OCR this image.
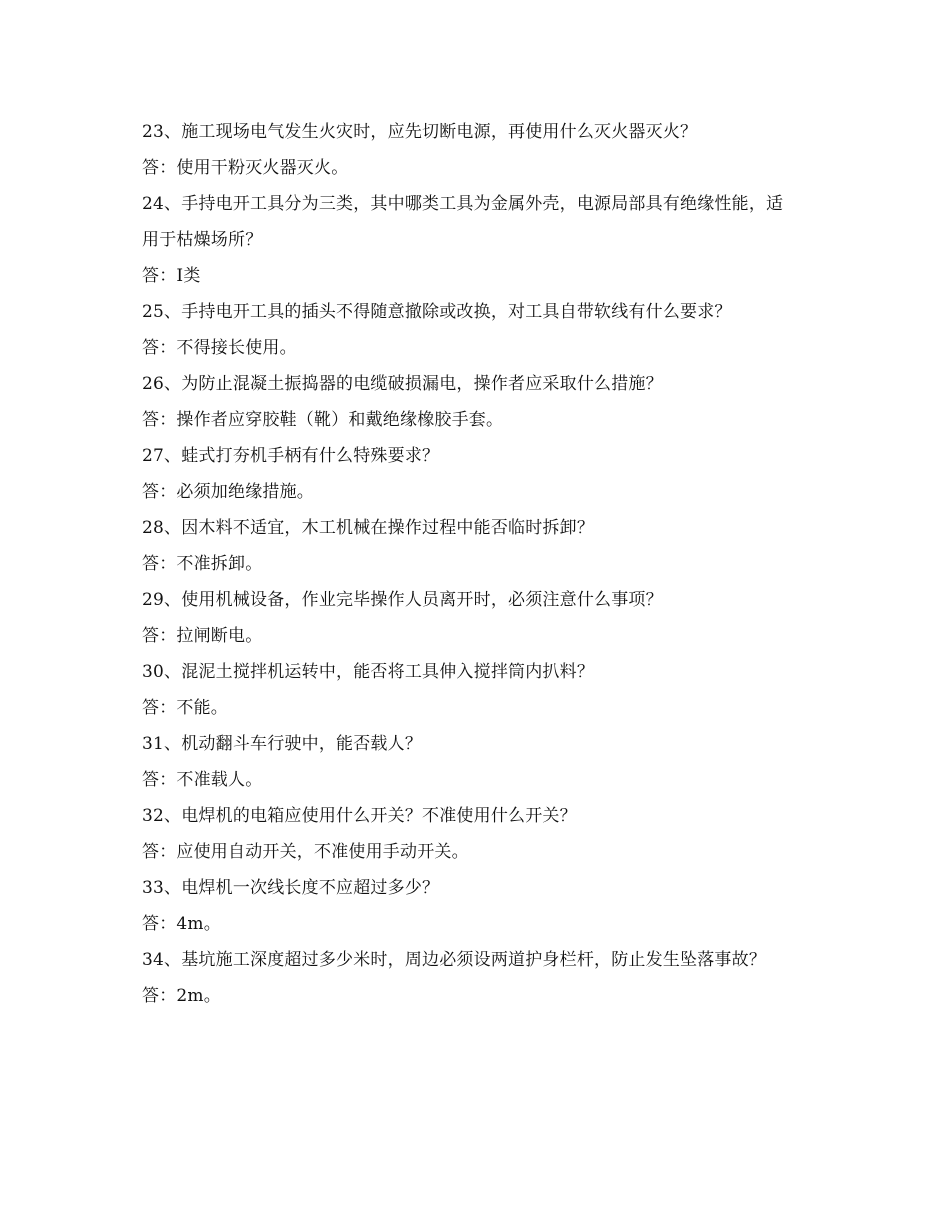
23、施工现场电气发生火灾时，应先切断电源，再使用什么灭火器灭火？

答：使用干粉灭火器灭火。

24、手持电开工具分为三类，其中哪类工具为金属外壳，电源局部具有绝缘性能，适用于枯燥场所？

答：Ⅰ类

25、手持电开工具的插头不得随意撤除或改换，对工具自带软线有什么要求？

答：不得接长使用。

26、为防止混凝土振捣器的电缆破损漏电，操作者应采取什么措施？

答：操作者应穿胶鞋（靴）和戴绝缘橡胶手套。

27、蛙式打夯机手柄有什么特殊要求？

答：必须加绝缘措施。

28、因木料不适宜，木工机械在操作过程中能否临时拆卸？

答：不准拆卸。

29、使用机械设备，作业完毕操作人员离开时，必须注意什么事项？

答：拉闸断电。

30、混泥土搅拌机运转中，能否将工具伸入搅拌筒内扒料？

答：不能。

31、机动翻斗车行驶中，能否载人？

答：不准载人。

32、电焊机的电箱应使用什么开关？不准使用什么开关？

答：应使用自动开关，不准使用手动开关。

33、电焊机一次线长度不应超过多少？

答：4m。

34、基坑施工深度超过多少米时，周边必须设两道护身栏杆，防止发生坠落事故？

答：2m。
